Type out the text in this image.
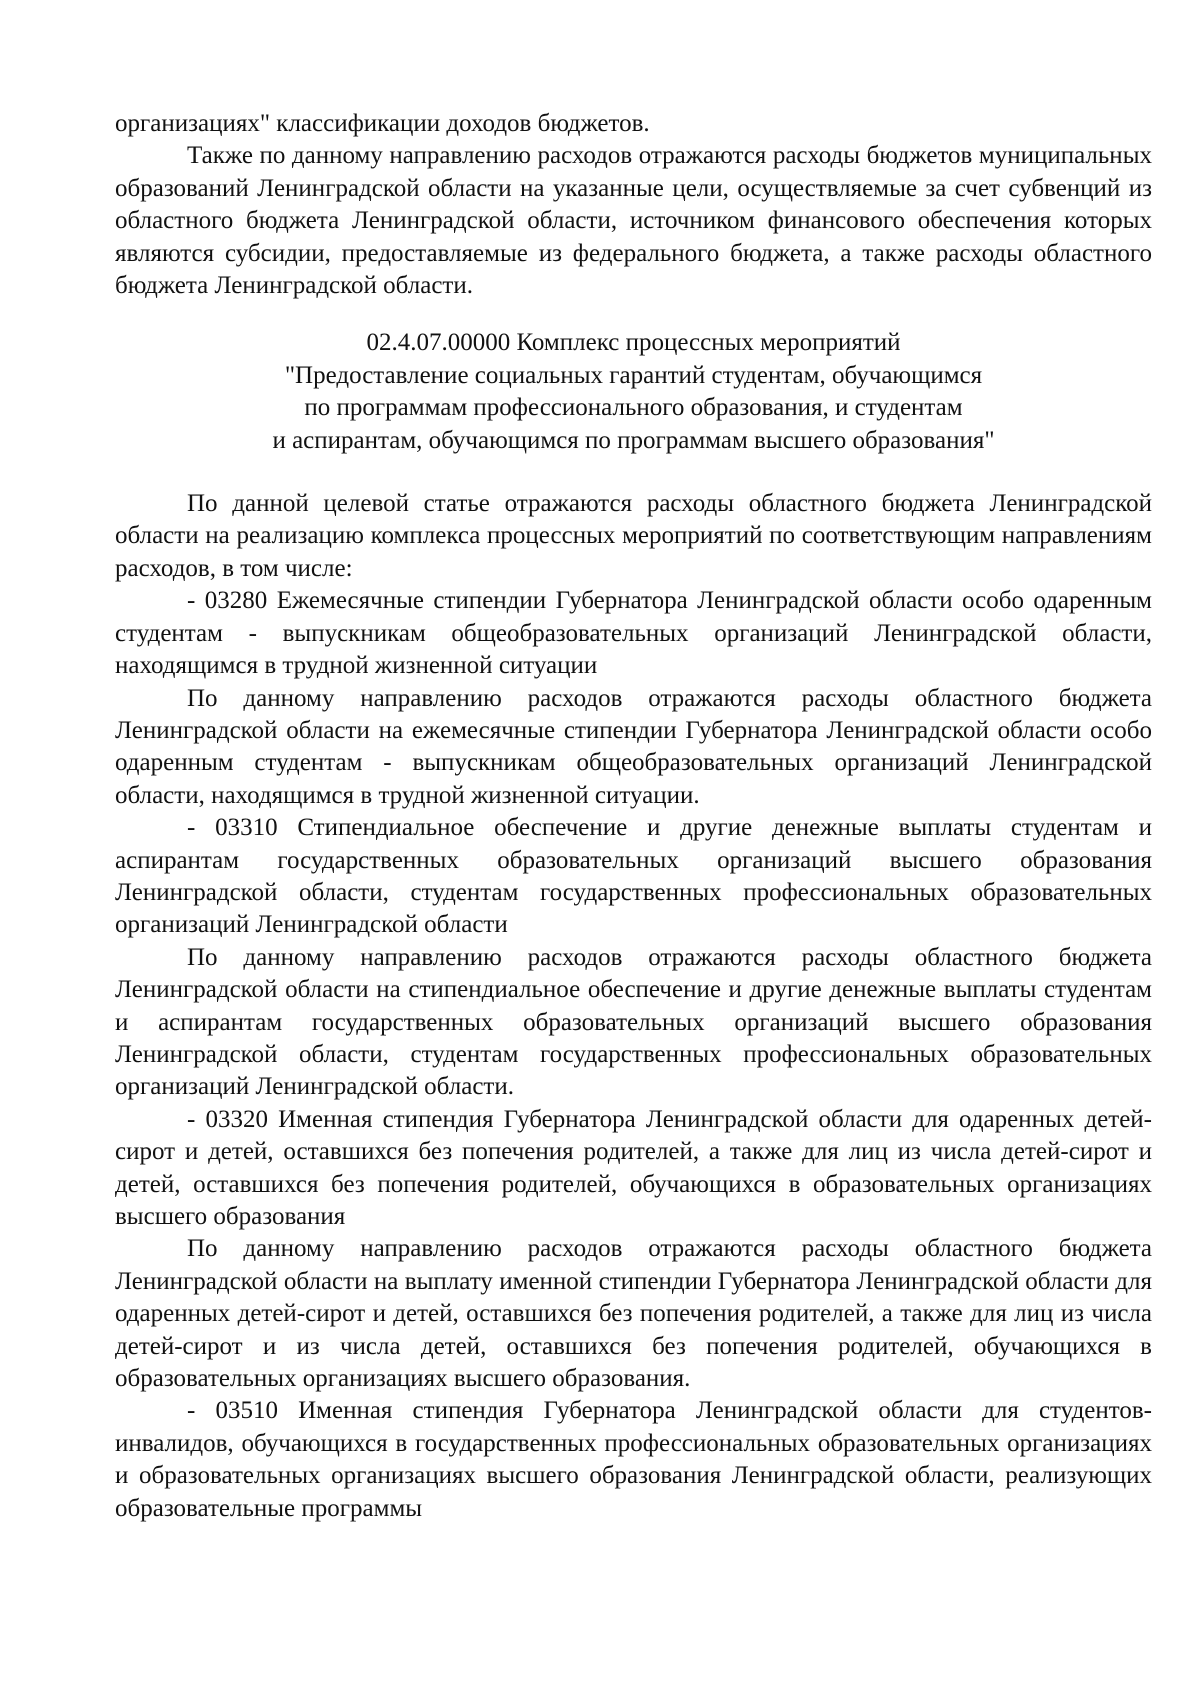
организациях" классификации доходов бюджетов.

Также по данному направлению расходов отражаются расходы бюджетов муниципальных образований Ленинградской области на указанные цели, осуществляемые за счет субвенций из областного бюджета Ленинградской области, источником финансового обеспечения которых являются субсидии, предоставляемые из федерального бюджета, а также расходы областного бюджета Ленинградской области.

02.4.07.00000 Комплекс процессных мероприятий
"Предоставление социальных гарантий студентам, обучающимся
по программам профессионального образования, и студентам
и аспирантам, обучающимся по программам высшего образования"

По данной целевой статье отражаются расходы областного бюджета Ленинградской области на реализацию комплекса процессных мероприятий по соответствующим направлениям расходов, в том числе:

- 03280 Ежемесячные стипендии Губернатора Ленинградской области особо одаренным студентам - выпускникам общеобразовательных организаций Ленинградской области, находящимся в трудной жизненной ситуации

По данному направлению расходов отражаются расходы областного бюджета Ленинградской области на ежемесячные стипендии Губернатора Ленинградской области особо одаренным студентам - выпускникам общеобразовательных организаций Ленинградской области, находящимся в трудной жизненной ситуации.

- 03310 Стипендиальное обеспечение и другие денежные выплаты студентам и аспирантам государственных образовательных организаций высшего образования Ленинградской области, студентам государственных профессиональных образовательных организаций Ленинградской области

По данному направлению расходов отражаются расходы областного бюджета Ленинградской области на стипендиальное обеспечение и другие денежные выплаты студентам и аспирантам государственных образовательных организаций высшего образования Ленинградской области, студентам государственных профессиональных образовательных организаций Ленинградской области.

- 03320 Именная стипендия Губернатора Ленинградской области для одаренных детей-сирот и детей, оставшихся без попечения родителей, а также для лиц из числа детей-сирот и детей, оставшихся без попечения родителей, обучающихся в образовательных организациях высшего образования

По данному направлению расходов отражаются расходы областного бюджета Ленинградской области на выплату именной стипендии Губернатора Ленинградской области для одаренных детей-сирот и детей, оставшихся без попечения родителей, а также для лиц из числа детей-сирот и из числа детей, оставшихся без попечения родителей, обучающихся в образовательных организациях высшего образования.

- 03510 Именная стипендия Губернатора Ленинградской области для студентов-инвалидов, обучающихся в государственных профессиональных образовательных организациях и образовательных организациях высшего образования Ленинградской области, реализующих образовательные программы
